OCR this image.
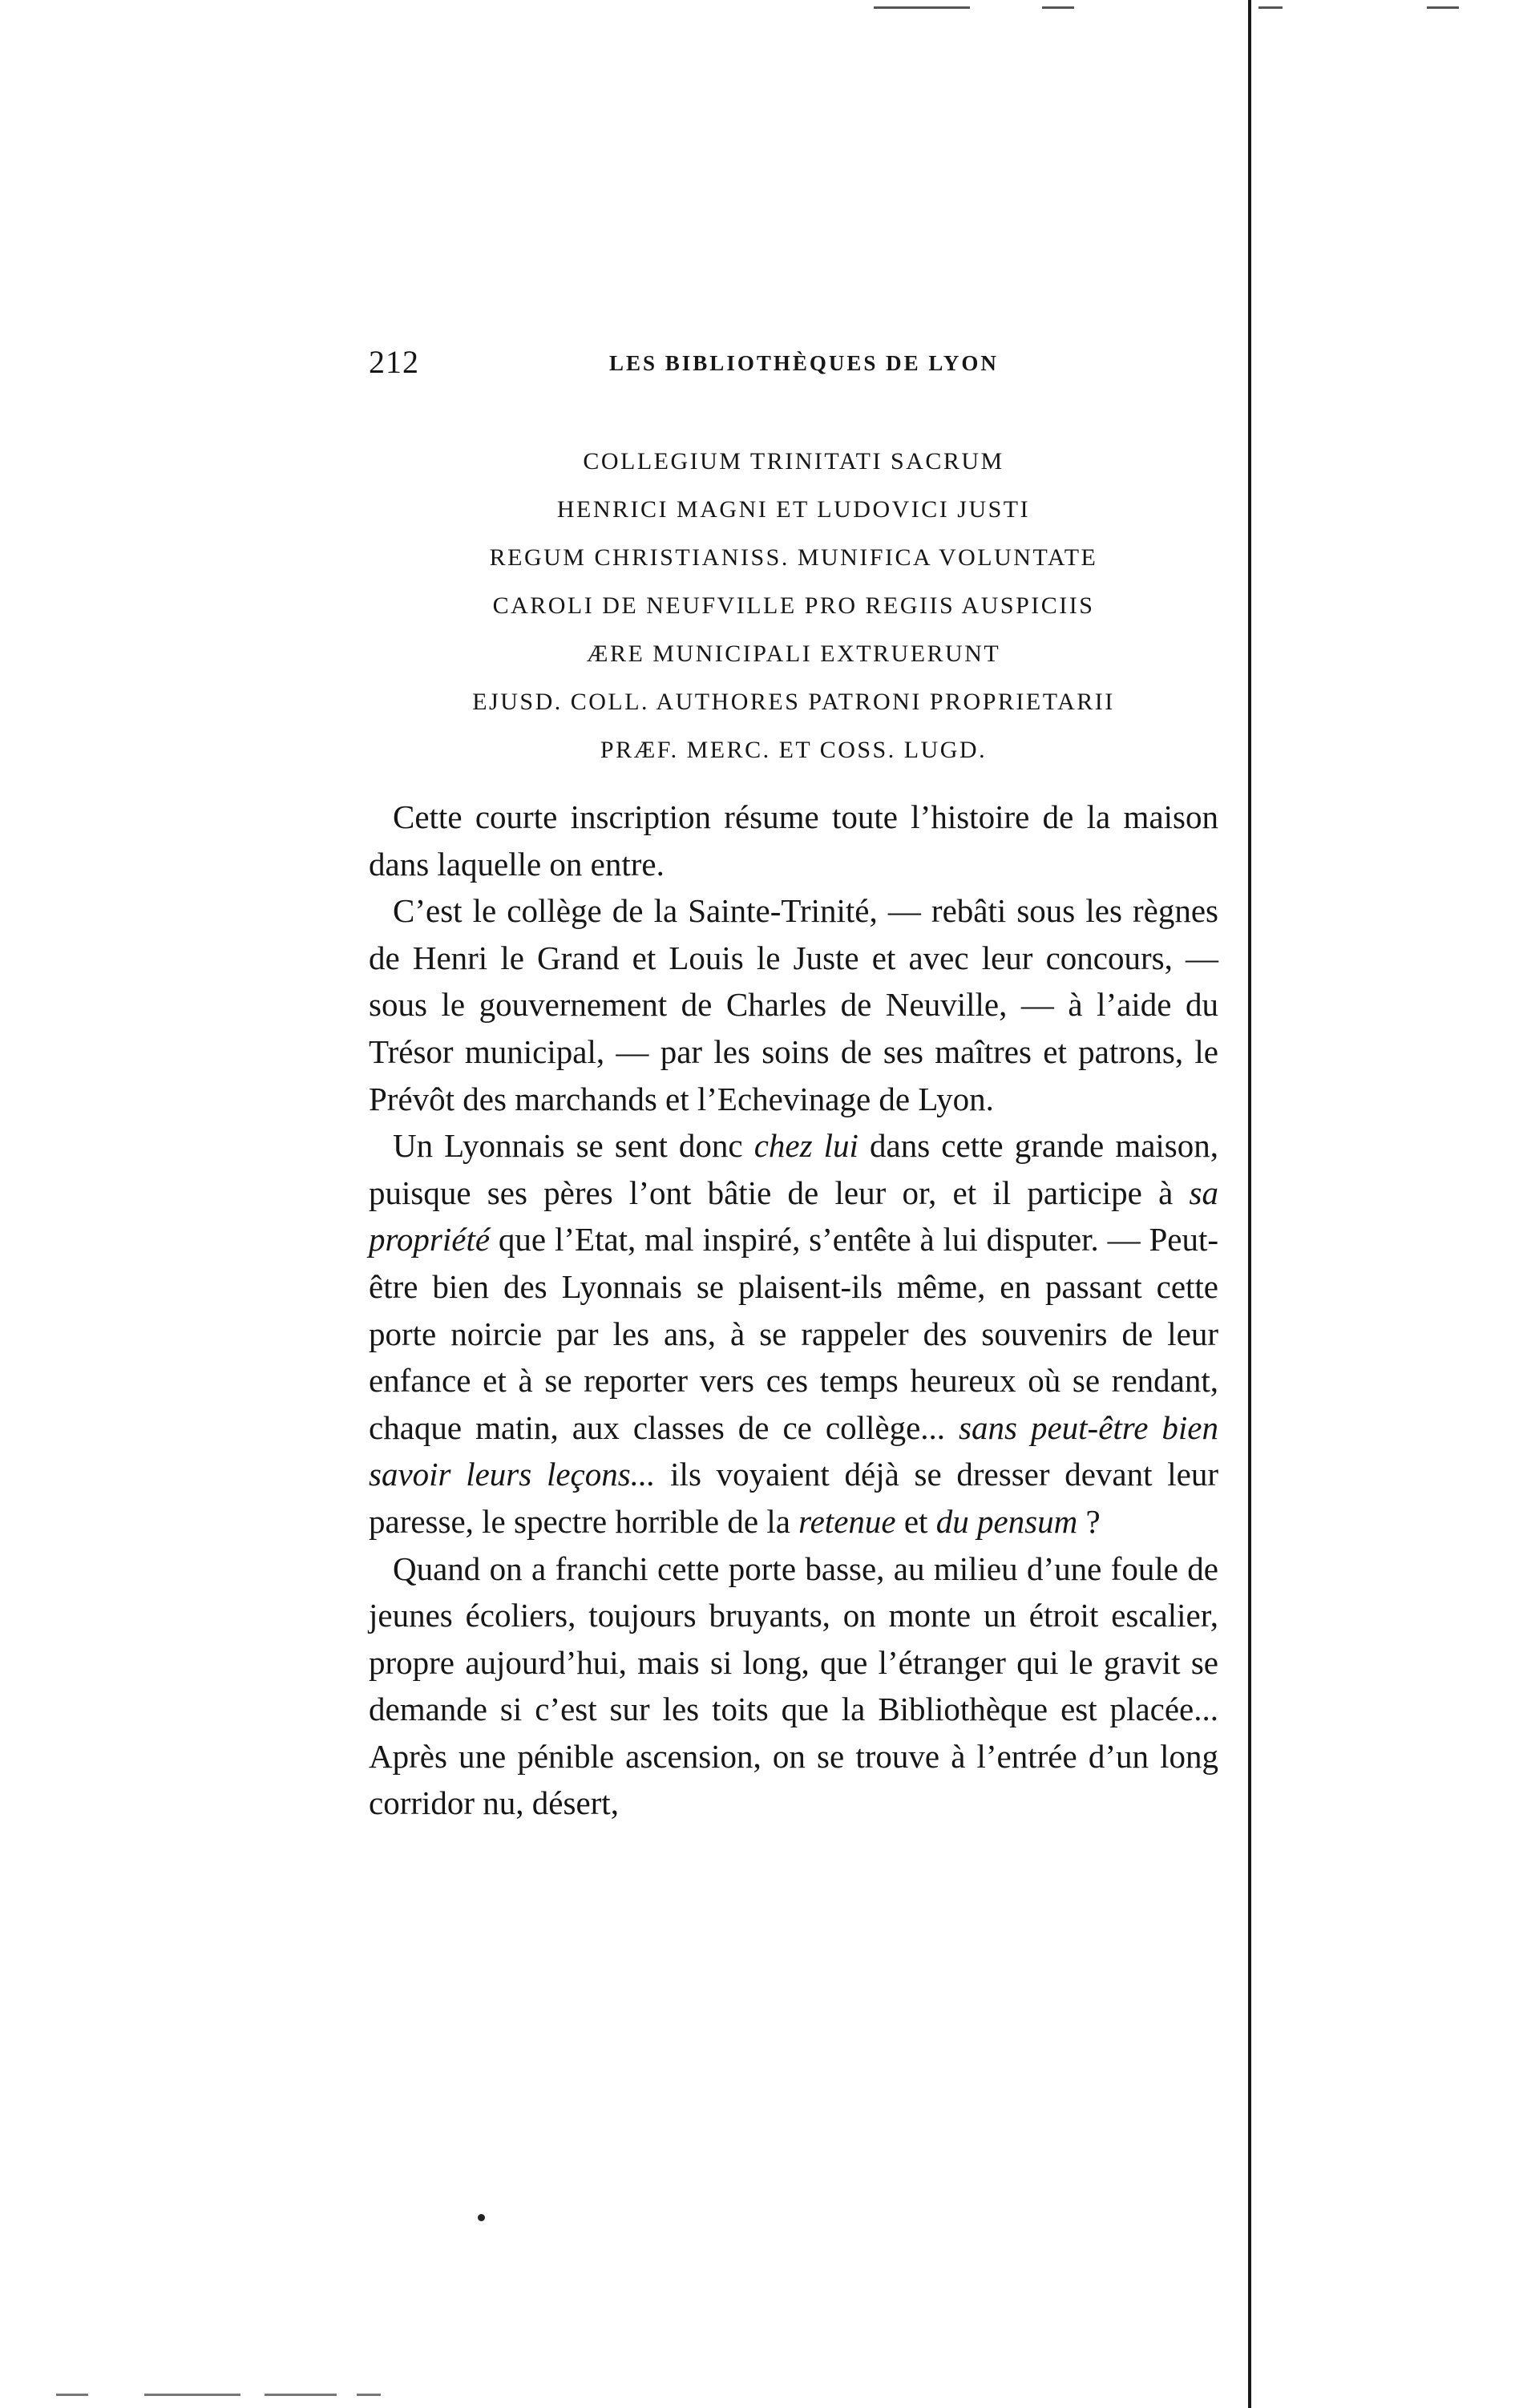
212	LES BIBLIOTHÈQUES DE LYON
COLLEGIUM TRINITATI SACRUM
HENRICI MAGNI ET LUDOVICI JUSTI
REGUM CHRISTIANISS. MUNIFICA VOLUNTATE
CAROLI DE NEUFVILLE PRO REGIIS AUSPICIIS
ÆRE MUNICIPALI EXTRUERUNT
EJUSD. COLL. AUTHORES PATRONI PROPRIETARII
PRÆF. MERC. ET COSS. LUGD.

Cette courte inscription résume toute l’histoire de la maison dans laquelle on entre.

C’est le collège de la Sainte-Trinité, — rebâti sous les règnes de Henri le Grand et Louis le Juste et avec leur concours, — sous le gouvernement de Charles de Neuville, — à l’aide du Trésor municipal, — par les soins de ses maîtres et patrons, le Prévôt des marchands et l’Echevinage de Lyon.

Un Lyonnais se sent donc chez lui dans cette grande maison, puisque ses pères l’ont bâtie de leur or, et il participe à sa propriété que l’Etat, mal inspiré, s’entête à lui disputer. — Peut-être bien des Lyonnais se plaisent-ils même, en passant cette porte noircie par les ans, à se rappeler des souvenirs de leur enfance et à se reporter vers ces temps heureux où se rendant, chaque matin, aux classes de ce collège... sans peut-être bien savoir leurs leçons... ils voyaient déjà se dresser devant leur paresse, le spectre horrible de la retenue et du pensum ?

Quand on a franchi cette porte basse, au milieu d’une foule de jeunes écoliers, toujours bruyants, on monte un étroit escalier, propre aujourd’hui, mais si long, que l’étranger qui le gravit se demande si c’est sur les toits que la Bibliothèque est placée... Après une pénible ascension, on se trouve à l’entrée d’un long corridor nu, désert,
